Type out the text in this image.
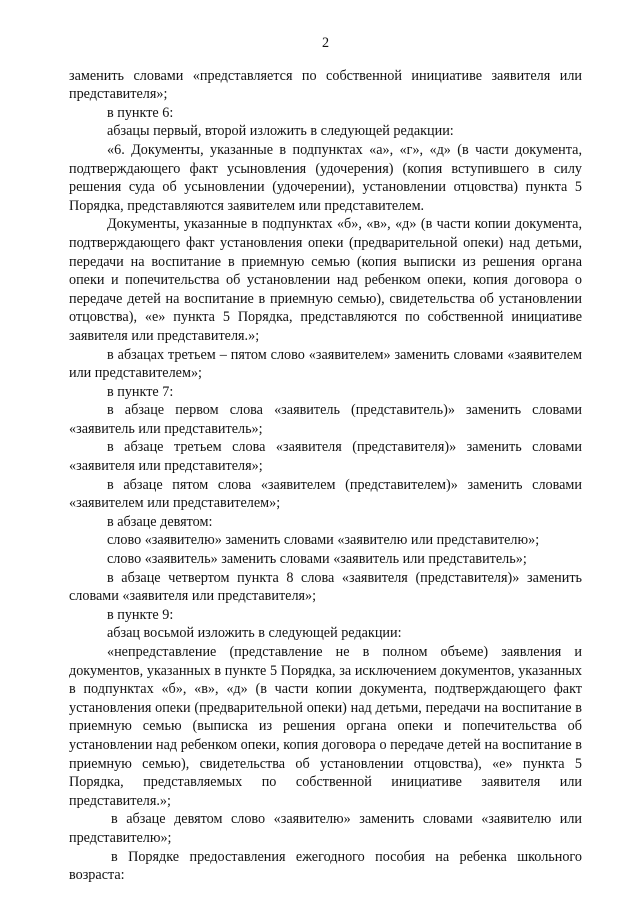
2

заменить словами «представляется по собственной инициативе заявителя или представителя»;

в пункте 6:

абзацы первый, второй изложить в следующей редакции:

«6. Документы, указанные в подпунктах «а», «г», «д» (в части документа, подтверждающего факт усыновления (удочерения) (копия вступившего в силу решения суда об усыновлении (удочерении), установлении отцовства) пункта 5 Порядка, представляются заявителем или представителем.

Документы, указанные в подпунктах «б», «в», «д» (в части копии документа, подтверждающего факт установления опеки (предварительной опеки) над детьми, передачи на воспитание в приемную семью (копия выписки из решения органа опеки и попечительства об установлении над ребенком опеки, копия договора о передаче детей на воспитание в приемную семью), свидетельства об установлении отцовства), «е» пункта 5 Порядка, представляются по собственной инициативе заявителя или представителя.»;

в абзацах третьем – пятом слово «заявителем» заменить словами «заявителем или представителем»;

в пункте 7:

в абзаце первом слова «заявитель (представитель)» заменить словами «заявитель или представитель»;

в абзаце третьем слова «заявителя (представителя)» заменить словами «заявителя или представителя»;

в абзаце пятом слова «заявителем (представителем)» заменить словами «заявителем или представителем»;

в абзаце девятом:

слово «заявителю» заменить словами «заявителю или представителю»;

слово «заявитель» заменить словами «заявитель или представитель»;

в абзаце четвертом пункта 8 слова «заявителя (представителя)» заменить словами «заявителя или представителя»;

в пункте 9:

абзац восьмой изложить в следующей редакции:

«непредставление (представление не в полном объеме) заявления и документов, указанных в пункте 5 Порядка, за исключением документов, указанных в подпунктах «б», «в», «д» (в части копии документа, подтверждающего факт установления опеки (предварительной опеки) над детьми, передачи на воспитание в приемную семью (выписка из решения органа опеки и попечительства об установлении над ребенком опеки, копия договора о передаче детей на воспитание в приемную семью), свидетельства об установлении отцовства), «е» пункта 5 Порядка, представляемых по собственной инициативе заявителя или представителя.»;

в абзаце девятом слово «заявителю» заменить словами «заявителю или представителю»;

в Порядке предоставления ежегодного пособия на ребенка школьного возраста:
